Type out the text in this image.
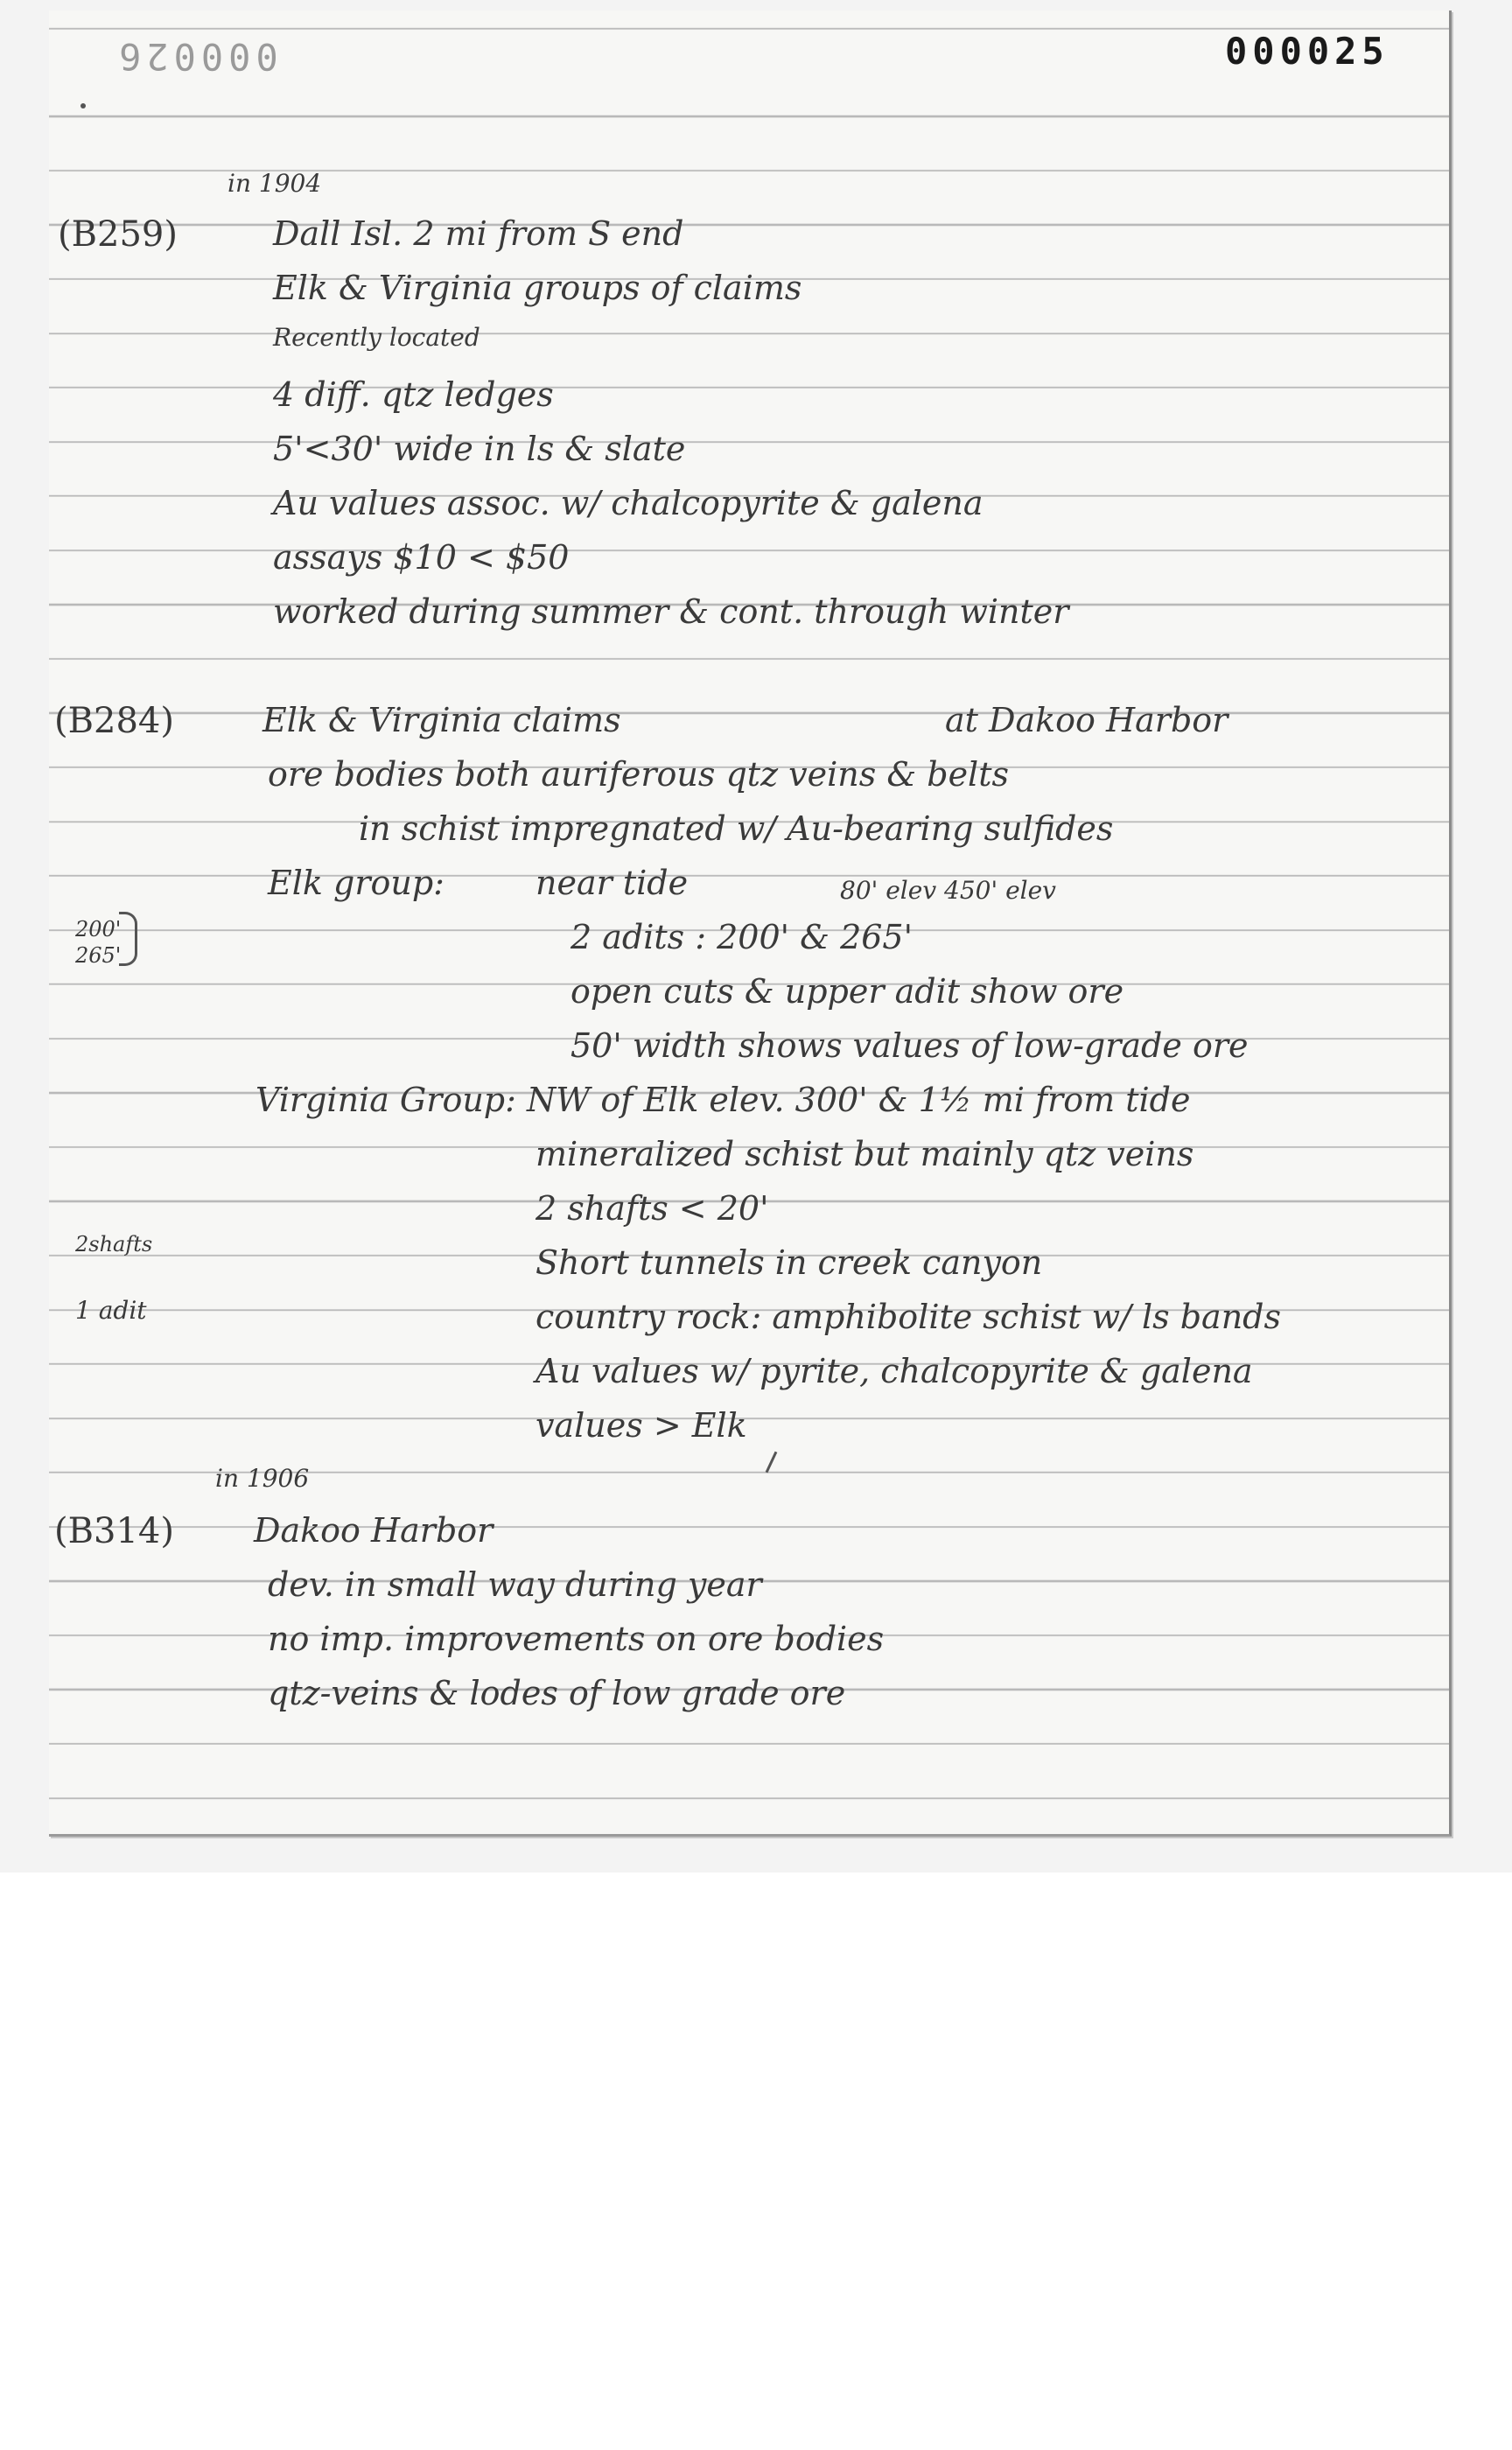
000026	000025
in 1904
(B259)	Dall Isl. 2 mi from S end
Elk & Virginia groups of claims
Recently located
4 diff. qtz ledges
5'<30' wide in ls & slate
Au values assoc. w/ chalcopyrite & galena
assays $10 < $50
worked during summer & cont. through winter
(B284)	Elk & Virginia claims	at Dakoo Harbor
ore bodies both auriferous qtz veins & belts
in schist impregnated w/ Au-bearing sulfides
Elk group:	near tide	80' elev 450' elev
2 adits : 200' & 265'
open cuts & upper adit show ore
50' width shows values of low-grade ore
Virginia Group: NW of Elk elev. 300' & 1½ mi from tide
mineralized schist but mainly qtz veins
2 shafts < 20'
Short tunnels in creek canyon
country rock: amphibolite schist w/ ls bands
Au values w/ pyrite, chalcopyrite & galena
values > Elk
200'
265'
2shafts
1 adit
in 1906
(B314) Dakoo Harbor
dev. in small way during year
no imp. improvements on ore bodies
qtz-veins & lodes of low grade ore
